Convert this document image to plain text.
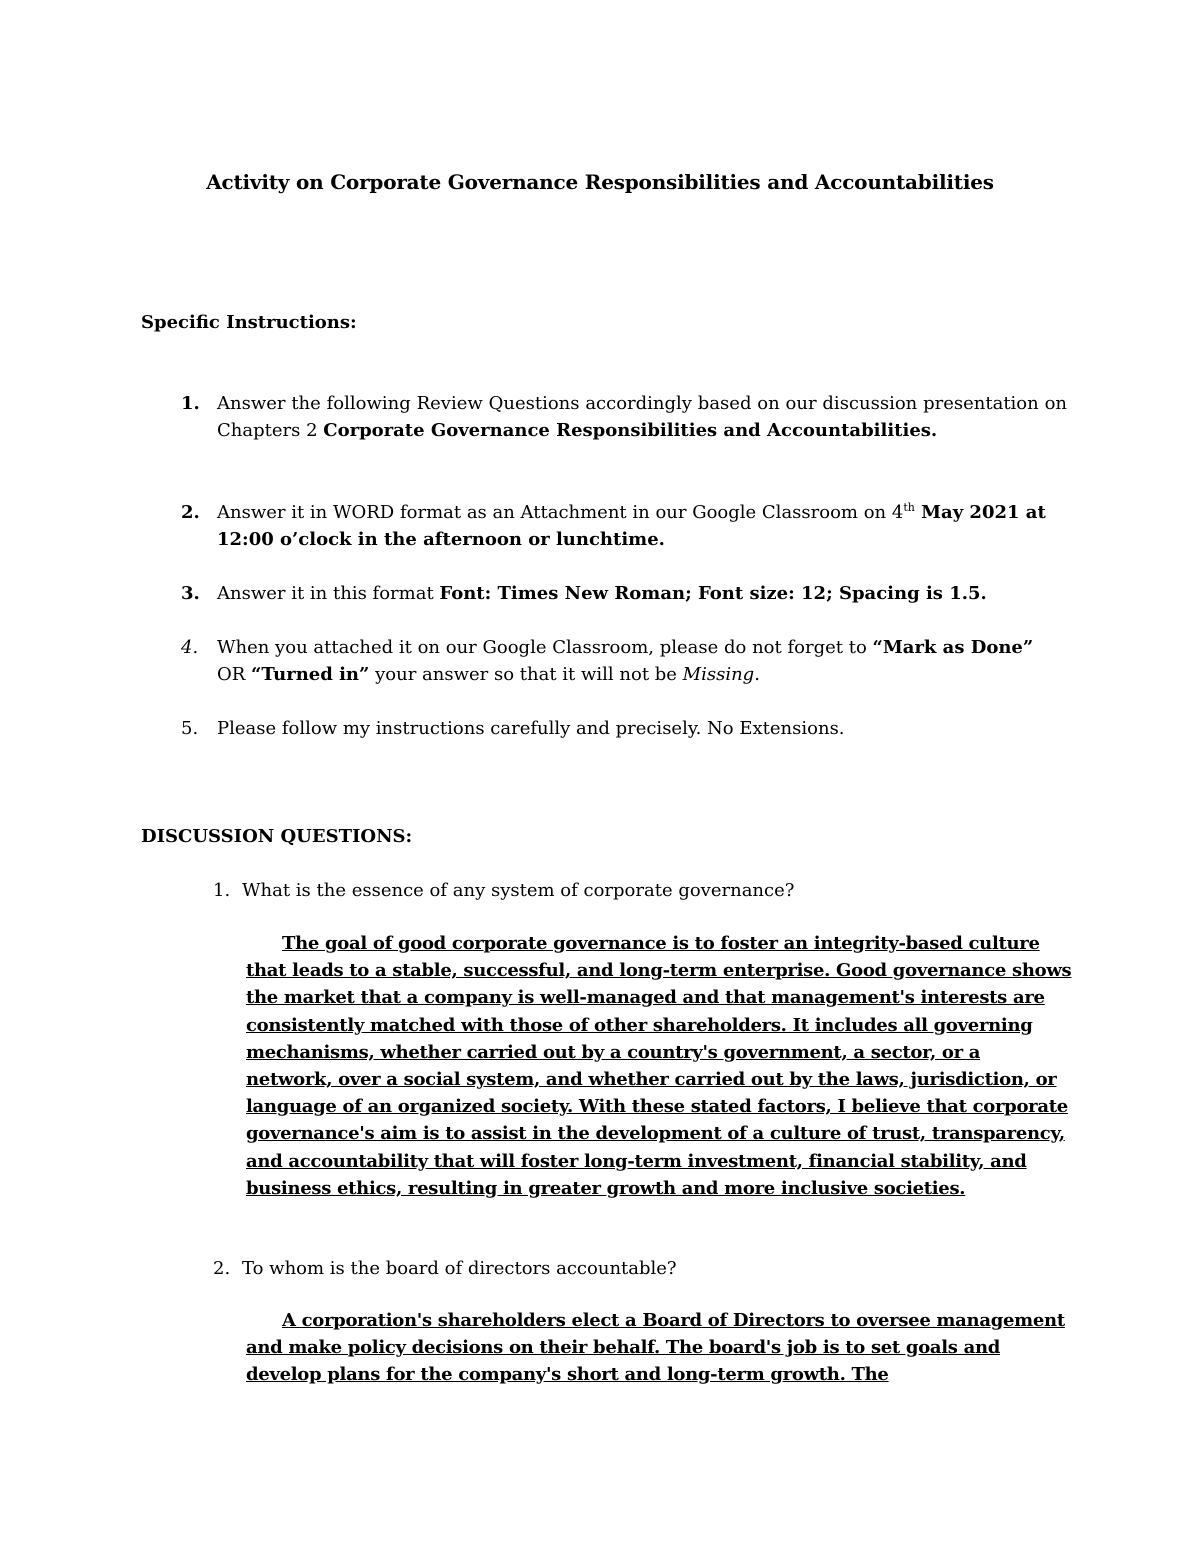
Activity on Corporate Governance Responsibilities and Accountabilities
Specific Instructions:
1. Answer the following Review Questions accordingly based on our discussion presentation on Chapters 2 Corporate Governance Responsibilities and Accountabilities.
2. Answer it in WORD format as an Attachment in our Google Classroom on 4th May 2021 at 12:00 o’clock in the afternoon or lunchtime.
3. Answer it in this format Font: Times New Roman; Font size: 12; Spacing is 1.5.
4.	When you attached it on our Google Classroom, please do not forget to “Mark as Done” OR “Turned in” your answer so that it will not be Missing.
5.	Please follow my instructions carefully and precisely. No Extensions.
DISCUSSION QUESTIONS:
1. What is the essence of any system of corporate governance?
The goal of good corporate governance is to foster an integrity-based culture that leads to a stable, successful, and long-term enterprise. Good governance shows the market that a company is well-managed and that management's interests are consistently matched with those of other shareholders. It includes all governing mechanisms, whether carried out by a country's government, a sector, or a network, over a social system, and whether carried out by the laws, jurisdiction, or language of an organized society. With these stated factors, I believe that corporate governance's aim is to assist in the development of a culture of trust, transparency, and accountability that will foster long-term investment, financial stability, and business ethics, resulting in greater growth and more inclusive societies.
2. To whom is the board of directors accountable?
A corporation's shareholders elect a Board of Directors to oversee management and make policy decisions on their behalf. The board's job is to set goals and develop plans for the company's short and long-term growth. The
